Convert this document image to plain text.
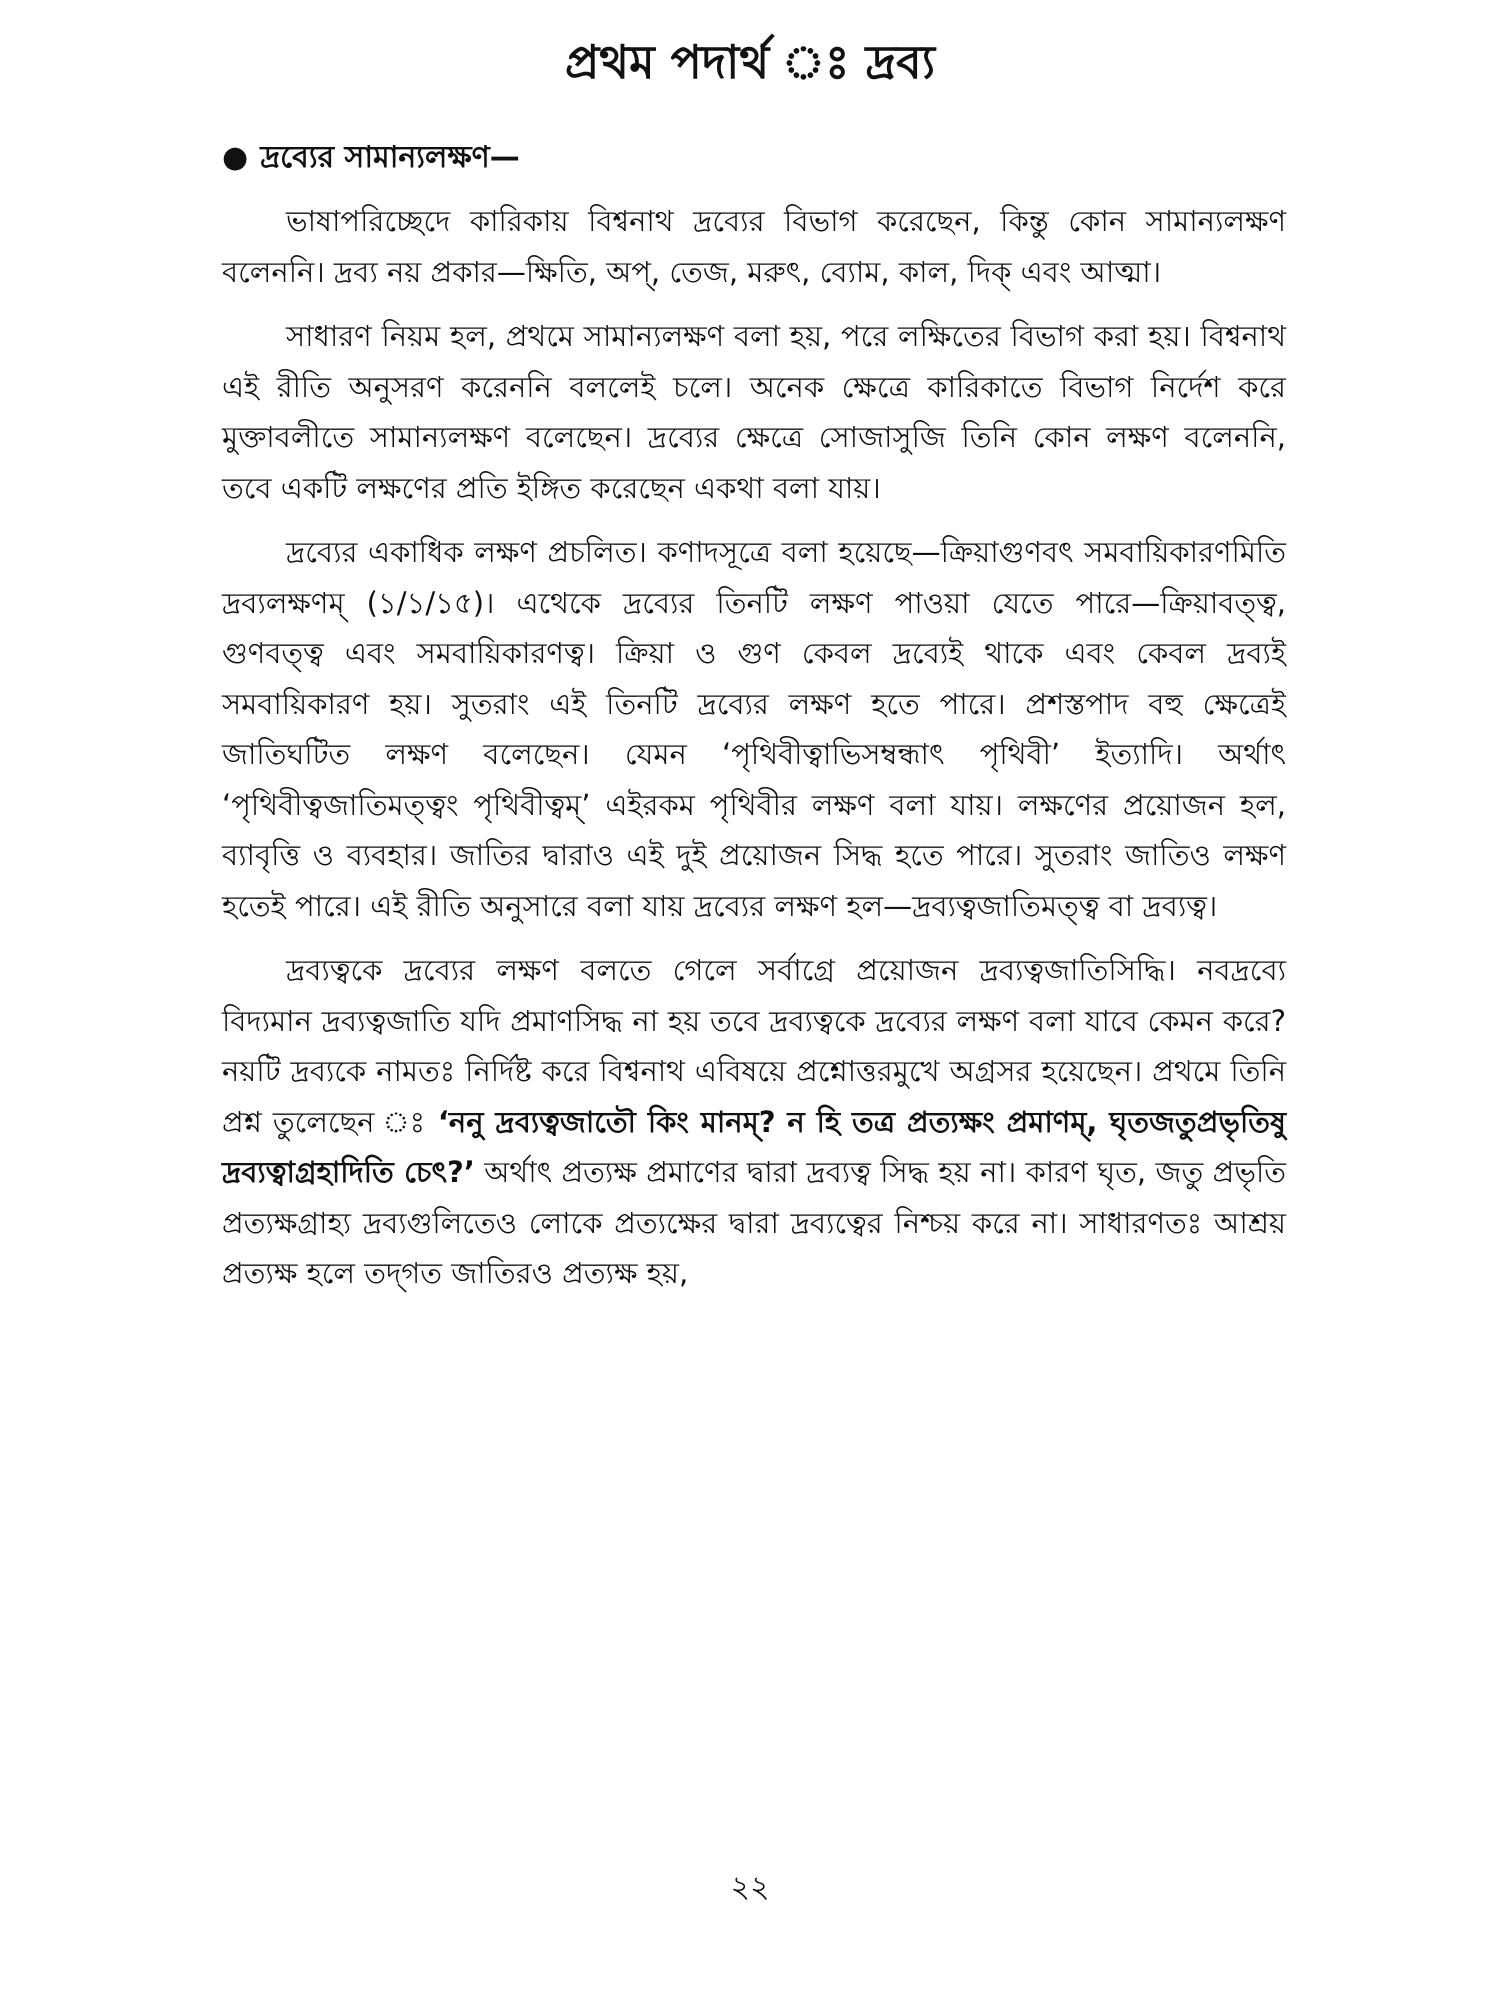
প্রথম পদার্থ ঃ দ্রব্য
● দ্রব্যের সামান্যলক্ষণ—

ভাষাপরিচ্ছেদে কারিকায় বিশ্বনাথ দ্রব্যের বিভাগ করেছেন, কিন্তু কোন সামান্যলক্ষণ বলেননি। দ্রব্য নয় প্রকার—ক্ষিতি, অপ্, তেজ, মরুৎ, ব্যোম, কাল, দিক্ এবং আত্মা।

সাধারণ নিয়ম হল, প্রথমে সামান্যলক্ষণ বলা হয়, পরে লক্ষিতের বিভাগ করা হয়। বিশ্বনাথ এই রীতি অনুসরণ করেননি বললেই চলে। অনেক ক্ষেত্রে কারিকাতে বিভাগ নির্দেশ করে মুক্তাবলীতে সামান্যলক্ষণ বলেছেন। দ্রব্যের ক্ষেত্রে সোজাসুজি তিনি কোন লক্ষণ বলেননি, তবে একটি লক্ষণের প্রতি ইঙ্গিত করেছেন একথা বলা যায়।

দ্রব্যের একাধিক লক্ষণ প্রচলিত। কণাদসূত্রে বলা হয়েছে—ক্রিয়াগুণবৎ সমবায়িকারণমিতি দ্রব্যলক্ষণম্ (১/১/১৫)। এথেকে দ্রব্যের তিনটি লক্ষণ পাওয়া যেতে পারে—ক্রিয়াবত্ত্ব, গুণবত্ত্ব এবং সমবায়িকারণত্ব। ক্রিয়া ও গুণ কেবল দ্রব্যেই থাকে এবং কেবল দ্রব্যই সমবায়িকারণ হয়। সুতরাং এই তিনটি দ্রব্যের লক্ষণ হতে পারে। প্রশস্তপাদ বহু ক্ষেত্রেই জাতিঘটিত লক্ষণ বলেছেন। যেমন ‘পৃথিবীত্বাভিসম্বন্ধাৎ পৃথিবী’ ইত্যাদি। অর্থাৎ ‘পৃথিবীত্বজাতিমত্ত্বং পৃথিবীত্বম্’ এইরকম পৃথিবীর লক্ষণ বলা যায়। লক্ষণের প্রয়োজন হল, ব্যাবৃত্তি ও ব্যবহার। জাতির দ্বারাও এই দুই প্রয়োজন সিদ্ধ হতে পারে। সুতরাং জাতিও লক্ষণ হতেই পারে। এই রীতি অনুসারে বলা যায় দ্রব্যের লক্ষণ হল—দ্রব্যত্বজাতিমত্ত্ব বা দ্রব্যত্ব।

দ্রব্যত্বকে দ্রব্যের লক্ষণ বলতে গেলে সর্বাগ্রে প্রয়োজন দ্রব্যত্বজাতিসিদ্ধি। নবদ্রব্যে বিদ্যমান দ্রব্যত্বজাতি যদি প্রমাণসিদ্ধ না হয় তবে দ্রব্যত্বকে দ্রব্যের লক্ষণ বলা যাবে কেমন করে? নয়টি দ্রব্যকে নামতঃ নির্দিষ্ট করে বিশ্বনাথ এবিষয়ে প্রশ্নোত্তরমুখে অগ্রসর হয়েছেন। প্রথমে তিনি প্রশ্ন তুলেছেন ঃ ‘ননু দ্রব্যত্বজাতৌ কিং মানম্? ন হি তত্র প্রত্যক্ষং প্রমাণম্, ঘৃতজতুপ্রভৃতিষু দ্রব্যত্বাগ্রহাদিতি চেৎ?’ অর্থাৎ প্রত্যক্ষ প্রমাণের দ্বারা দ্রব্যত্ব সিদ্ধ হয় না। কারণ ঘৃত, জতু প্রভৃতি প্রত্যক্ষগ্রাহ্য দ্রব্যগুলিতেও লোকে প্রত্যক্ষের দ্বারা দ্রব্যত্বের নিশ্চয় করে না। সাধারণতঃ আশ্রয় প্রত্যক্ষ হলে তদ্‌গত জাতিরও প্রত্যক্ষ হয়,

২২
